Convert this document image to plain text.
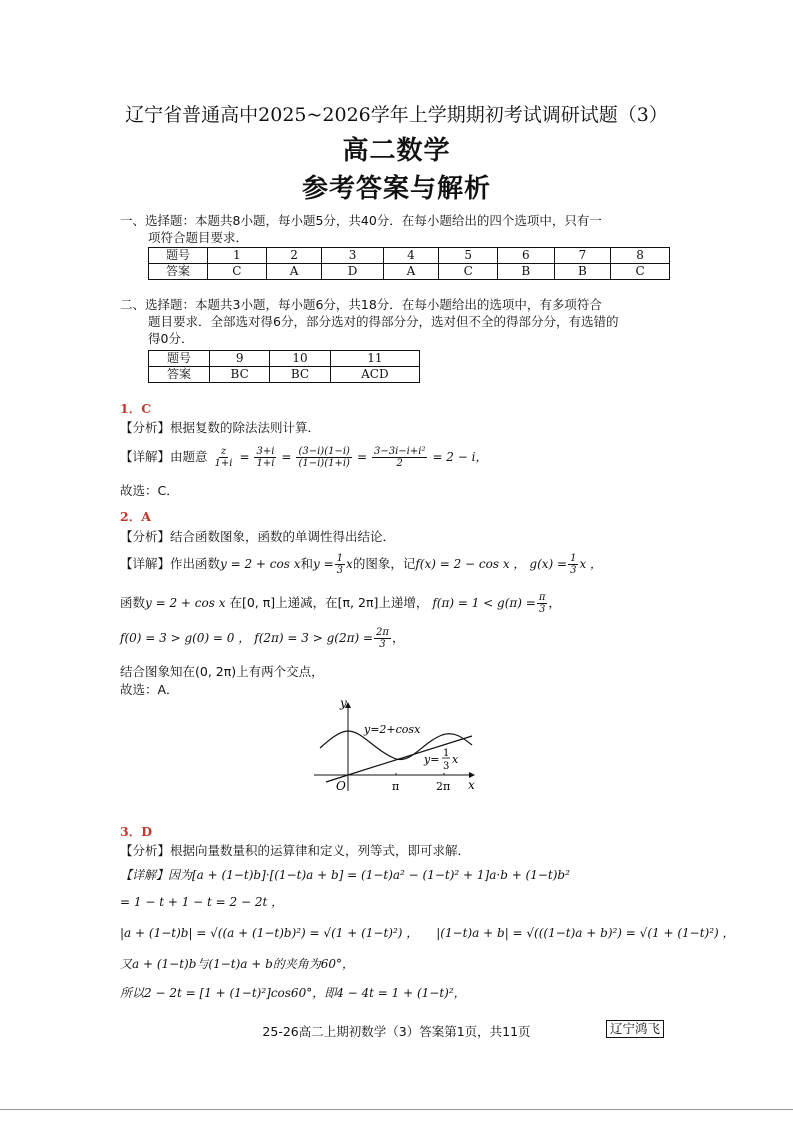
辽宁省普通高中2025~2026学年上学期期初考试调研试题（3）
高二数学
参考答案与解析
一、选择题：本题共8小题，每小题5分，共40分．在每小题给出的四个选项中，只有一
项符合题目要求．
题号	1	2	3	4	5	6	7	8
答案	C	A	D	A	C	B	B	C
二、选择题：本题共3小题，每小题6分，共18分．在每小题给出的选项中，有多项符合
题目要求．全部选对得6分，部分选对的得部分分，选对但不全的得部分分，有选错的
得0分．
题号	9	10	11
答案	BC	BC	ACD
1．C
【分析】根据复数的除法法则计算．
【详解】由题意 $\frac{z}{1+i} = \frac{3+i}{1+i} = \frac{(3-i)(1-i)}{(1-i)(1+i)} = \frac{\text{3−3i−i+i²}}{2} = 2 - i$，
故选：C．
2．A
【分析】结合函数图象，函数的单调性得出结论．
【详解】作出函数y = 2 + cos x和$y = \frac{1}{3}$ x的图象，记f(x) = 2 − cos x ， $g(x) = \frac{1}{3}$ x ，
函数y = 2 + cos x 在[0, π]上递减，在[π, 2π]上递增， $f(\pi) = 1 < g(\pi) = \frac{\pi}{3}$ ，
f(0) = 3 > g(0) = 0 ， $f(2\pi) = 3 > g(2\pi) = \frac{2\pi}{3}$ ，
结合图象知在(0, 2π)上有两个交点，
故选：A．
y
x
O	π	2π
y=2+cosx
y= 1
3
x
3．D
【分析】根据向量数量积的运算律和定义，列等式，即可求解．
【详解】因为[a + (1−t)b]·[(1−t)a + b] = (1−t)a² − (1−t)² + 1]a·b + (1−t)b²
= 1 − t + 1 − t = 2 − 2t ，
|a + (1−t)b| = √((a + (1−t)b)²) = √(1 + (1−t)²) ， |(1−t)a + b| = √(((1−t)a + b)²) = √(1 + (1−t)²) ，
又a + (1−t)b与(1−t)a + b的夹角为60°，
所以2 − 2t = [1 + (1−t)²]cos60°，即4 − 4t = 1 + (1−t)²，
25-26高二上期初数学（3）答案第1页，共11页	辽宁鸿飞
